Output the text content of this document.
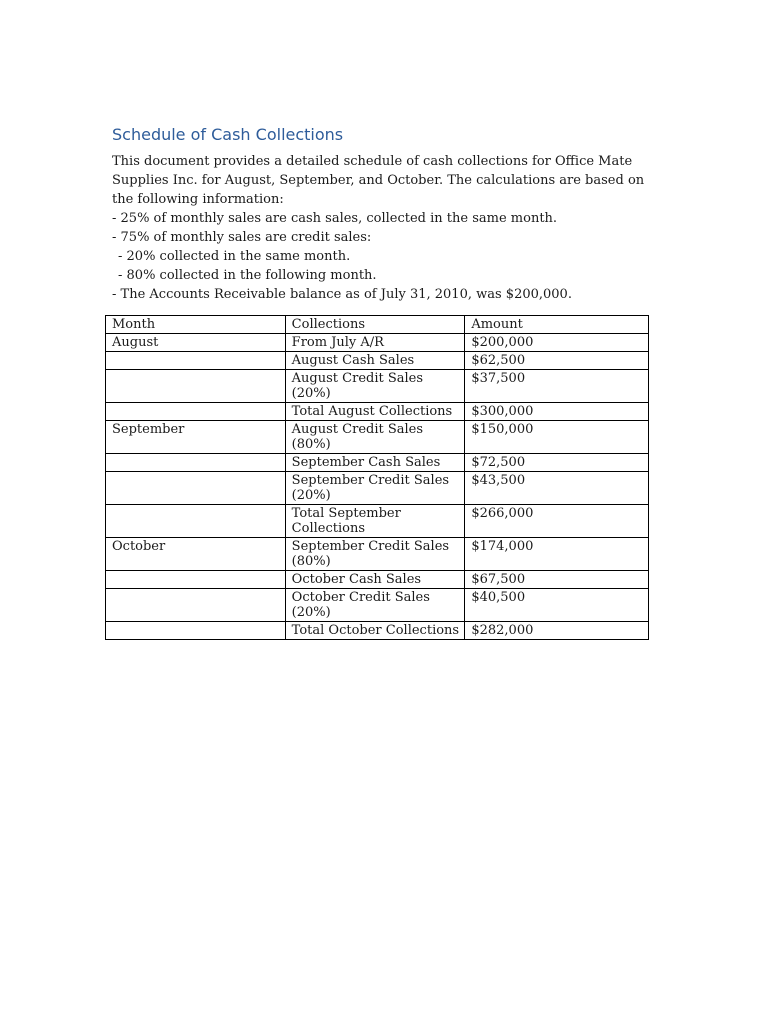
Schedule of Cash Collections

This document provides a detailed schedule of cash collections for Office Mate Supplies Inc. for August, September, and October. The calculations are based on the following information:

- 25% of monthly sales are cash sales, collected in the same month.
- 75% of monthly sales are credit sales:
- 20% collected in the same month.
- 80% collected in the following month.
- The Accounts Receivable balance as of July 31, 2010, was $200,000.
Month	Collections	Amount
August	From July A/R	$200,000
	August Cash Sales	$62,500
	August Credit Sales (20%)	$37,500
	Total August Collections	$300,000
September	August Credit Sales (80%)	$150,000
	September Cash Sales	$72,500
	September Credit Sales (20%)	$43,500
	Total September Collections	$266,000
October	September Credit Sales (80%)	$174,000
	October Cash Sales	$67,500
	October Credit Sales (20%)	$40,500
	Total October Collections	$282,000
